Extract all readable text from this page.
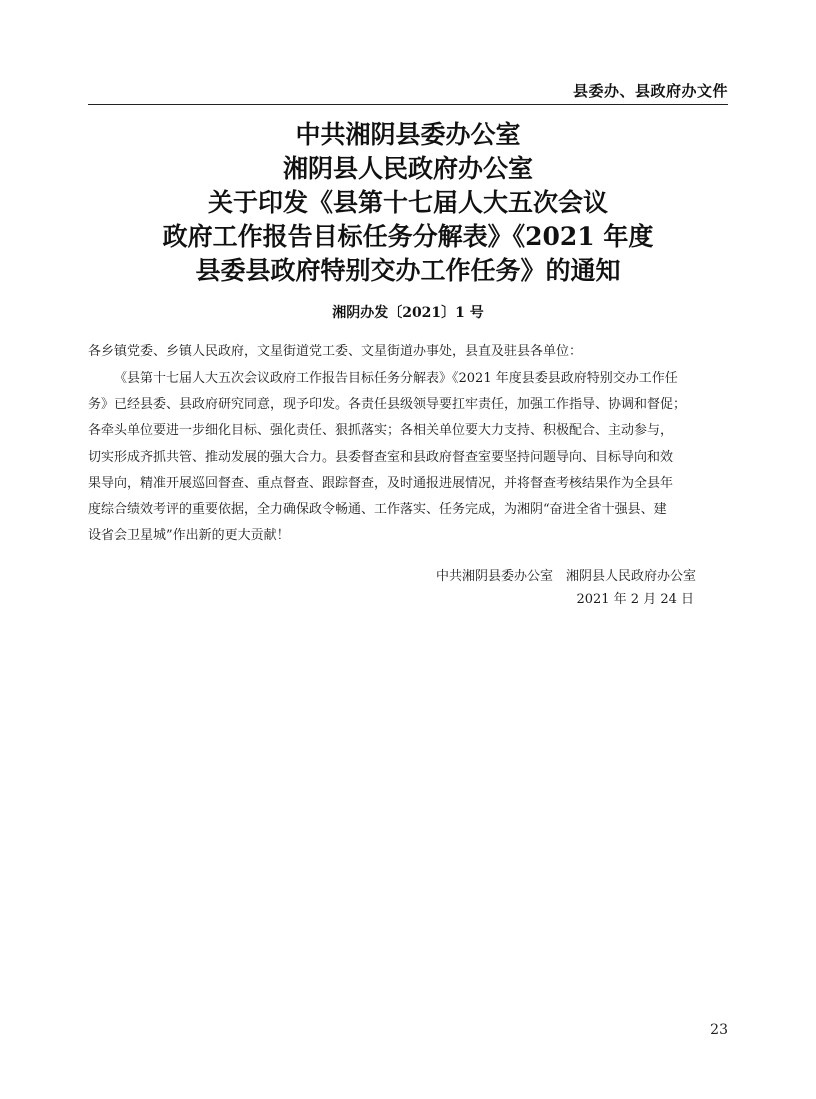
县委办、县政府办文件
中共湘阴县委办公室
湘阴县人民政府办公室
关于印发《县第十七届人大五次会议
政府工作报告目标任务分解表》《2021 年度
县委县政府特别交办工作任务》的通知
湘阴办发〔2021〕1 号
各乡镇党委、乡镇人民政府，文星街道党工委、文星街道办事处，县直及驻县各单位：
《县第十七届人大五次会议政府工作报告目标任务分解表》《2021 年度县委县政府特别交办工作任
务》已经县委、县政府研究同意，现予印发。各责任县级领导要扛牢责任，加强工作指导、协调和督促；
各牵头单位要进一步细化目标、强化责任、狠抓落实；各相关单位要大力支持、积极配合、主动参与，
切实形成齐抓共管、推动发展的强大合力。县委督查室和县政府督查室要坚持问题导向、目标导向和效
果导向，精准开展巡回督查、重点督查、跟踪督查，及时通报进展情况，并将督查考核结果作为全县年
度综合绩效考评的重要依据，全力确保政令畅通、工作落实、任务完成，为湘阴“奋进全省十强县、建
设省会卫星城”作出新的更大贡献！
中共湘阴县委办公室　湘阴县人民政府办公室
2021 年 2 月 24 日
23
